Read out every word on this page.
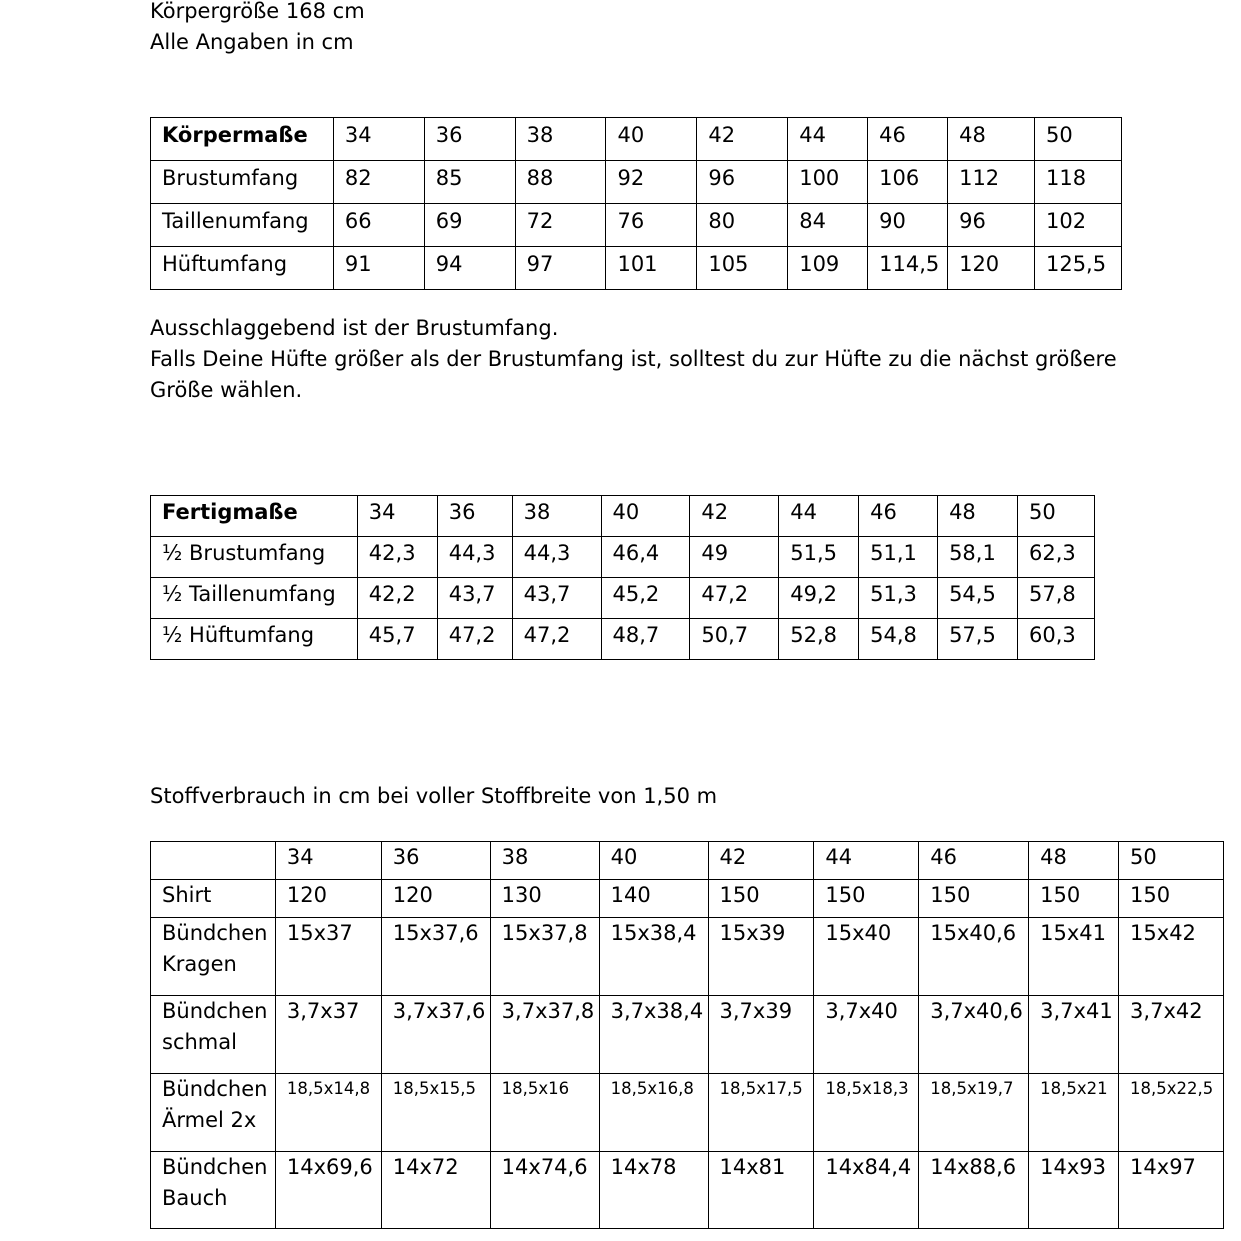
Körpergröße 168 cm
Alle Angaben in cm
Körpermaße	34	36	38	40	42	44	46	48	50
Brustumfang	82	85	88	92	96	100	106	112	118
Taillenumfang	66	69	72	76	80	84	90	96	102
Hüftumfang	91	94	97	101	105	109	114,5	120	125,5
Ausschlaggebend ist der Brustumfang.
Falls Deine Hüfte größer als der Brustumfang ist, solltest du zur Hüfte zu die nächst größere
Größe wählen.
Fertigmaße	34	36	38	40	42	44	46	48	50
½ Brustumfang	42,3	44,3	44,3	46,4	49	51,5	51,1	58,1	62,3
½ Taillenumfang	42,2	43,7	43,7	45,2	47,2	49,2	51,3	54,5	57,8
½ Hüftumfang	45,7	47,2	47,2	48,7	50,7	52,8	54,8	57,5	60,3
Stoffverbrauch in cm bei voller Stoffbreite von 1,50 m
	34	36	38	40	42	44	46	48	50

Shirt	120	120	130	140	150	150	150	150	150

Bündchen
Kragen	15x37	15x37,6	15x37,8	15x38,4	15x39	15x40	15x40,6	15x41	15x42

Bündchen
schmal	3,7x37	3,7x37,6	3,7x37,8	3,7x38,4	3,7x39	3,7x40	3,7x40,6	3,7x41	3,7x42

Bündchen
Ärmel 2x	18,5x14,8	18,5x15,5	18,5x16	18,5x16,8	18,5x17,5	18,5x18,3	18,5x19,7	18,5x21	18,5x22,5

Bündchen
Bauch	14x69,6	14x72	14x74,6	14x78	14x81	14x84,4	14x88,6	14x93	14x97
